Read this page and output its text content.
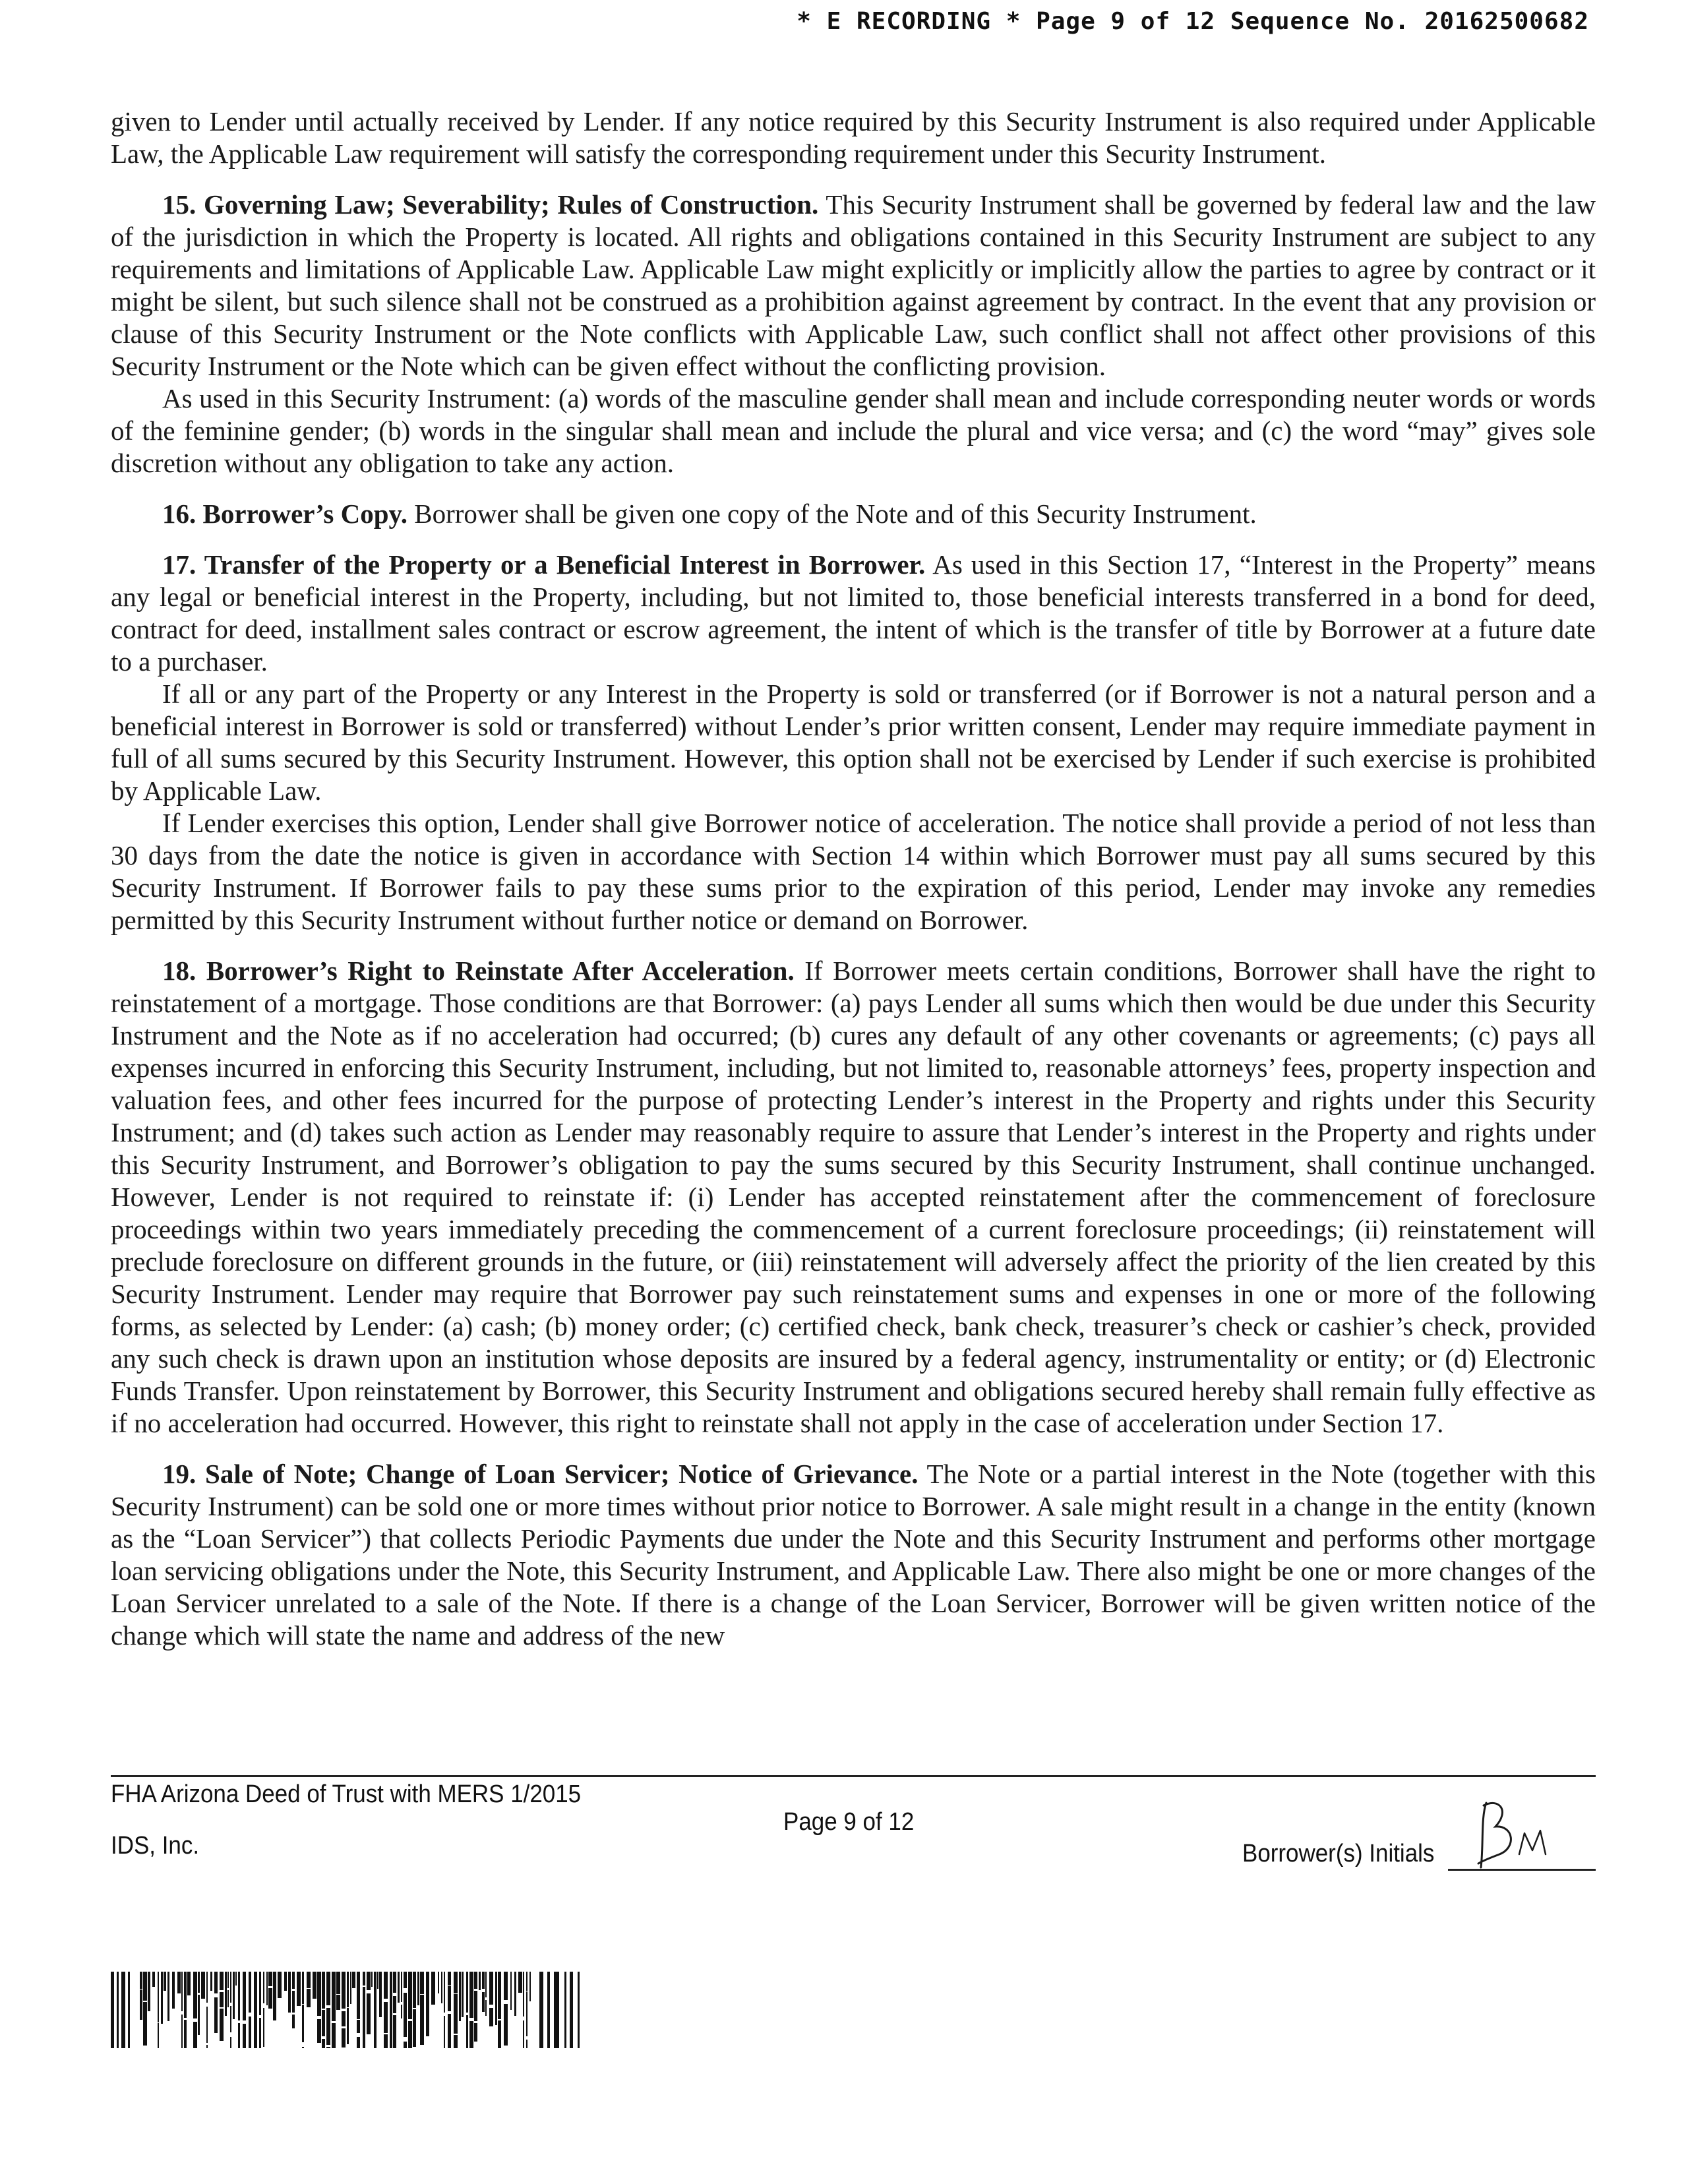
* E RECORDING * Page 9 of 12 Sequence No. 20162500682

given to Lender until actually received by Lender. If any notice required by this Security Instrument is also required under Applicable Law, the Applicable Law requirement will satisfy the corresponding requirement under this Security Instrument.

15. Governing Law; Severability; Rules of Construction. This Security Instrument shall be governed by federal law and the law of the jurisdiction in which the Property is located. All rights and obligations contained in this Security Instrument are subject to any requirements and limitations of Applicable Law. Applicable Law might explicitly or implicitly allow the parties to agree by contract or it might be silent, but such silence shall not be construed as a prohibition against agreement by contract. In the event that any provision or clause of this Security Instrument or the Note conflicts with Applicable Law, such conflict shall not affect other provisions of this Security Instrument or the Note which can be given effect without the conflicting provision.

As used in this Security Instrument: (a) words of the masculine gender shall mean and include corresponding neuter words or words of the feminine gender; (b) words in the singular shall mean and include the plural and vice versa; and (c) the word “may” gives sole discretion without any obligation to take any action.

16. Borrower’s Copy. Borrower shall be given one copy of the Note and of this Security Instrument.

17. Transfer of the Property or a Beneficial Interest in Borrower. As used in this Section 17, “Interest in the Property” means any legal or beneficial interest in the Property, including, but not limited to, those beneficial interests transferred in a bond for deed, contract for deed, installment sales contract or escrow agreement, the intent of which is the transfer of title by Borrower at a future date to a purchaser.

If all or any part of the Property or any Interest in the Property is sold or transferred (or if Borrower is not a natural person and a beneficial interest in Borrower is sold or transferred) without Lender’s prior written consent, Lender may require immediate payment in full of all sums secured by this Security Instrument. However, this option shall not be exercised by Lender if such exercise is prohibited by Applicable Law.

If Lender exercises this option, Lender shall give Borrower notice of acceleration. The notice shall provide a period of not less than 30 days from the date the notice is given in accordance with Section 14 within which Borrower must pay all sums secured by this Security Instrument. If Borrower fails to pay these sums prior to the expiration of this period, Lender may invoke any remedies permitted by this Security Instrument without further notice or demand on Borrower.

18. Borrower’s Right to Reinstate After Acceleration. If Borrower meets certain conditions, Borrower shall have the right to reinstatement of a mortgage. Those conditions are that Borrower: (a) pays Lender all sums which then would be due under this Security Instrument and the Note as if no acceleration had occurred; (b) cures any default of any other covenants or agreements; (c) pays all expenses incurred in enforcing this Security Instrument, including, but not limited to, reasonable attorneys’ fees, property inspection and valuation fees, and other fees incurred for the purpose of protecting Lender’s interest in the Property and rights under this Security Instrument; and (d) takes such action as Lender may reasonably require to assure that Lender’s interest in the Property and rights under this Security Instrument, and Borrower’s obligation to pay the sums secured by this Security Instrument, shall continue unchanged. However, Lender is not required to reinstate if: (i) Lender has accepted reinstatement after the commencement of foreclosure proceedings within two years immediately preceding the commencement of a current foreclosure proceedings; (ii) reinstatement will preclude foreclosure on different grounds in the future, or (iii) reinstatement will adversely affect the priority of the lien created by this Security Instrument. Lender may require that Borrower pay such reinstatement sums and expenses in one or more of the following forms, as selected by Lender: (a) cash; (b) money order; (c) certified check, bank check, treasurer’s check or cashier’s check, provided any such check is drawn upon an institution whose deposits are insured by a federal agency, instrumentality or entity; or (d) Electronic Funds Transfer. Upon reinstatement by Borrower, this Security Instrument and obligations secured hereby shall remain fully effective as if no acceleration had occurred. However, this right to reinstate shall not apply in the case of acceleration under Section 17.

19. Sale of Note; Change of Loan Servicer; Notice of Grievance. The Note or a partial interest in the Note (together with this Security Instrument) can be sold one or more times without prior notice to Borrower. A sale might result in a change in the entity (known as the “Loan Servicer”) that collects Periodic Payments due under the Note and this Security Instrument and performs other mortgage loan servicing obligations under the Note, this Security Instrument, and Applicable Law. There also might be one or more changes of the Loan Servicer unrelated to a sale of the Note. If there is a change of the Loan Servicer, Borrower will be given written notice of the change which will state the name and address of the new

FHA Arizona Deed of Trust with MERS 1/2015
IDS, Inc.
Page 9 of 12
Borrower(s) Initials
